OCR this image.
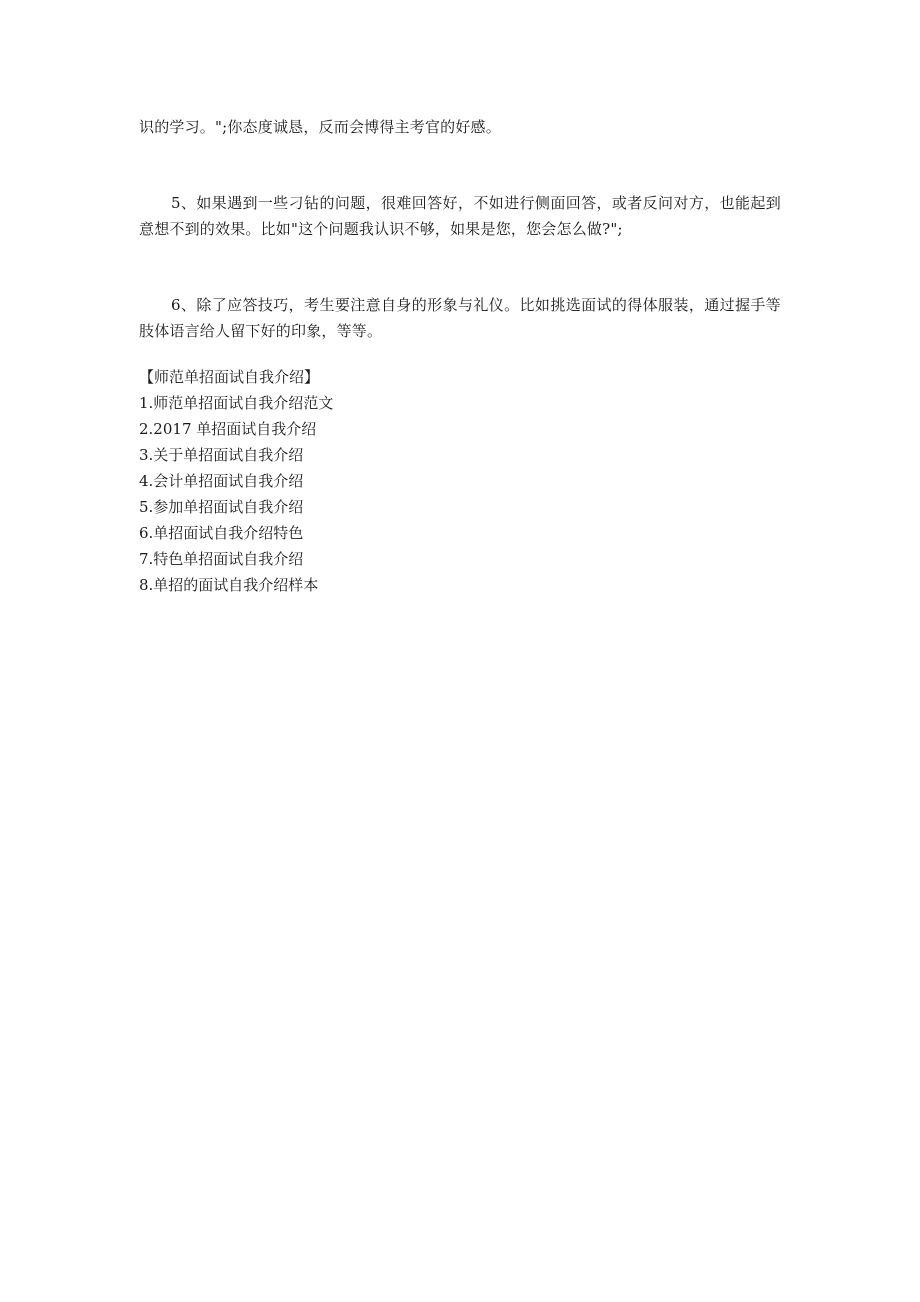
识的学习。";你态度诚恳，反而会博得主考官的好感。

5、如果遇到一些刁钻的问题，很难回答好，不如进行侧面回答，或者反问对方，也能起到意想不到的效果。比如"这个问题我认识不够，如果是您，您会怎么做?";

6、除了应答技巧，考生要注意自身的形象与礼仪。比如挑选面试的得体服装，通过握手等肢体语言给人留下好的印象，等等。

【师范单招面试自我介绍】

1.师范单招面试自我介绍范文
2.2017 单招面试自我介绍
3.关于单招面试自我介绍
4.会计单招面试自我介绍
5.参加单招面试自我介绍
6.单招面试自我介绍特色
7.特色单招面试自我介绍
8.单招的面试自我介绍样本
